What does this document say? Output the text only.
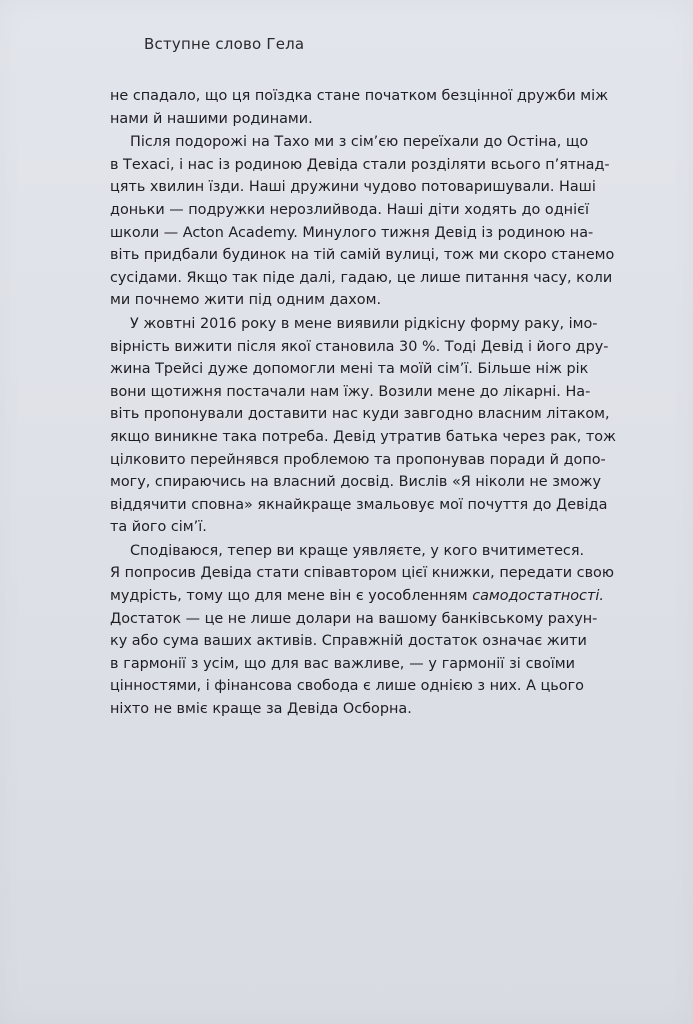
Вступне слово Гела

не спадало, що ця поїздка стане початком безцінної дружби між
нами й нашими родинами.
Після подорожі на Тахо ми з сім’єю переїхали до Остіна, що
в Техасі, і нас із родиною Девіда стали розділяти всього п’ятнад-
цять хвилин їзди. Наші дружини чудово потоваришували. Наші
доньки — подружки нерозлийвода. Наші діти ходять до однієї
школи — Acton Academy. Минулого тижня Девід із родиною на-
віть придбали будинок на тій самій вулиці, тож ми скоро станемо
сусідами. Якщо так піде далі, гадаю, це лише питання часу, коли
ми почнемо жити під одним дахом.
У жовтні 2016 року в мене виявили рідкісну форму раку, імо-
вірність вижити після якої становила 30 %. Тоді Девід і його дру-
жина Трейсі дуже допомогли мені та моїй сім’ї. Більше ніж рік
вони щотижня постачали нам їжу. Возили мене до лікарні. На-
віть пропонували доставити нас куди завгодно власним літаком,
якщо виникне така потреба. Девід утратив батька через рак, тож
цілковито перейнявся проблемою та пропонував поради й допо-
могу, спираючись на власний досвід. Вислів «Я ніколи не зможу
віддячити сповна» якнайкраще змальовує мої почуття до Девіда
та його сім’ї.
Сподіваюся, тепер ви краще уявляєте, у кого вчитиметеся.
Я попросив Девіда стати співавтором цієї книжки, передати свою
мудрість, тому що для мене він є уособленням самодостатності.
Достаток — це не лише долари на вашому банківському рахун-
ку або сума ваших активів. Справжній достаток означає жити
в гармонії з усім, що для вас важливе, — у гармонії зі своїми
цінностями, і фінансова свобода є лише однією з них. А цього
ніхто не вміє краще за Девіда Осборна.
